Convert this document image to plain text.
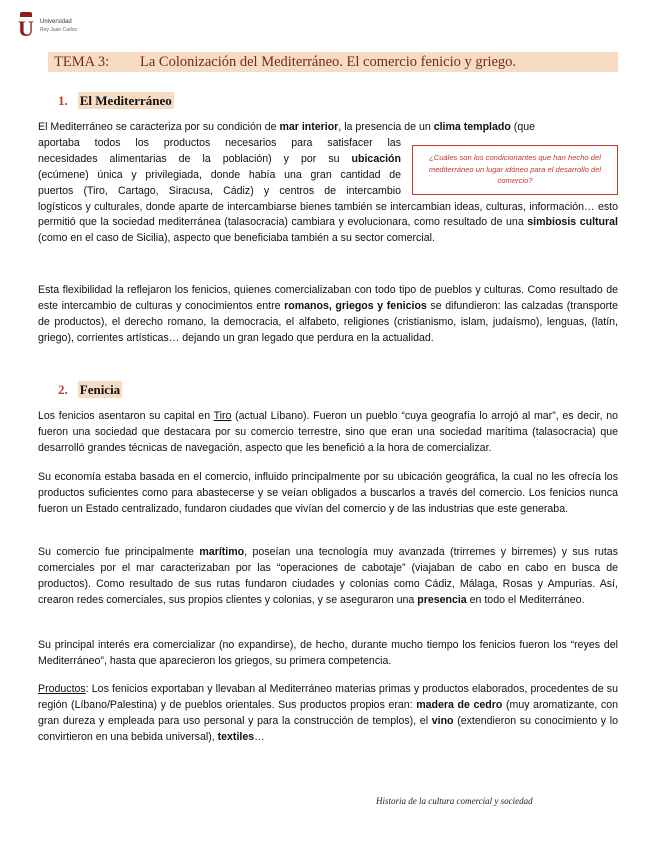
U Universidad
Rey Juan Carlos
TEMA 3: La Colonización del Mediterráneo. El comercio fenicio y griego.
1. El Mediterráneo
¿Cuáles son los condicionantes que han hecho del mediterráneo un lugar idóneo para el desarrollo del comercio?
El Mediterráneo se caracteriza por su condición de mar interior, la presencia de un clima templado (que
aportaba todos los productos necesarios para satisfacer las
necesidades alimentarias de la población) y por su ubicación
(ecúmene) única y privilegiada, donde había una gran cantidad de
puertos (Tiro, Cartago, Siracusa, Cádiz) y centros de intercambio
logísticos y culturales, donde aparte de intercambiarse bienes también se intercambian ideas, culturas, información… esto permitió que la sociedad mediterránea (talasocracia) cambiara y evolucionara, como resultado de una simbiosis cultural (como en el caso de Sicilia), aspecto que beneficiaba también a su sector comercial.
Esta flexibilidad la reflejaron los fenicios, quienes comercializaban con todo tipo de pueblos y culturas. Como resultado de este intercambio de culturas y conocimientos entre romanos, griegos y fenicios se difundieron: las calzadas (transporte de productos), el derecho romano, la democracia, el alfabeto, religiones (cristianismo, islam, judaísmo), lenguas, (latín, griego), corrientes artísticas… dejando un gran legado que perdura en la actualidad.
2. Fenicia
Los fenicios asentaron su capital en Tiro (actual Líbano). Fueron un pueblo “cuya geografía lo arrojó al mar”, es decir, no fueron una sociedad que destacara por su comercio terrestre, sino que eran una sociedad marítima (talasocracia) que desarrolló grandes técnicas de navegación, aspecto que les benefició a la hora de comercializar.
Su economía estaba basada en el comercio, influido principalmente por su ubicación geográfica, la cual no les ofrecía los productos suficientes como para abastecerse y se veían obligados a buscarlos a través del comercio. Los fenicios nunca fueron un Estado centralizado, fundaron ciudades que vivían del comercio y de las industrias que este generaba.
Su comercio fue principalmente marítimo, poseían una tecnología muy avanzada (trirremes y birremes) y sus rutas comerciales por el mar caracterizaban por las “operaciones de cabotaje” (viajaban de cabo en cabo en busca de productos). Como resultado de sus rutas fundaron ciudades y colonias como Cádiz, Málaga, Rosas y Ampurias. Así, crearon redes comerciales, sus propios clientes y colonias, y se aseguraron una presencia en todo el Mediterráneo.
Su principal interés era comercializar (no expandirse), de hecho, durante mucho tiempo los fenicios fueron los “reyes del Mediterráneo”, hasta que aparecieron los griegos, su primera competencia.
Productos: Los fenicios exportaban y llevaban al Mediterráneo materias primas y productos elaborados, procedentes de su región (Líbano/Palestina) y de pueblos orientales. Sus productos propios eran: madera de cedro (muy aromatizante, con gran dureza y empleada para uso personal y para la construcción de templos), el vino (extendieron su conocimiento y lo convirtieron en una bebida universal), textiles…
Historia de la cultura comercial y sociedad
